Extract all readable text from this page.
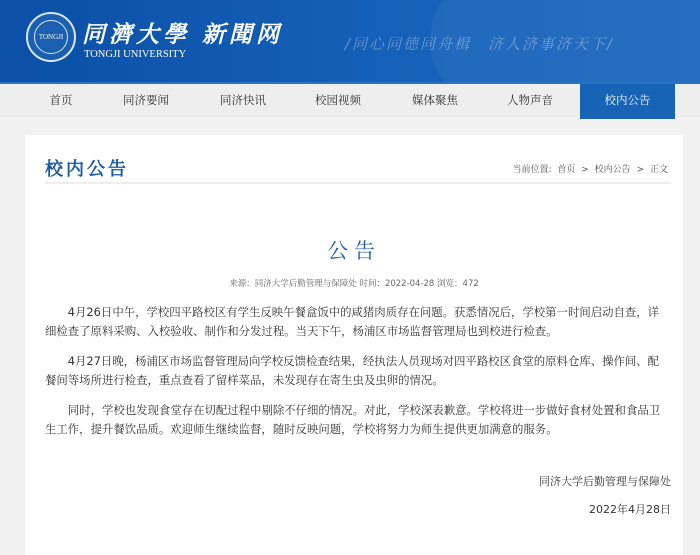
TONGJI 同濟大學 新聞网
TONGJI UNIVERSITY
/同心同德同舟楫　济人济事济天下/
首页	同济要闻	同济快讯	校园视频	媒体聚焦	人物声音	校内公告
校内公告	当前位置: 首页 > 校内公告 > 正文
公告
来源：同济大学后勤管理与保障处 时间：2022-04-28 浏览：472

4月26日中午，学校四平路校区有学生反映午餐盒饭中的咸猪肉质存在问题。获悉情况后，学校第一时间启动自查，详细检查了原料采购、入校验收、制作和分发过程。当天下午，杨浦区市场监督管理局也到校进行检查。

4月27日晚，杨浦区市场监督管理局向学校反馈检查结果，经执法人员现场对四平路校区食堂的原料仓库、操作间、配餐间等场所进行检查，重点查看了留样菜品，未发现存在寄生虫及虫卵的情况。

同时，学校也发现食堂存在切配过程中剔除不仔细的情况。对此，学校深表歉意。学校将进一步做好食材处置和食品卫生工作，提升餐饮品质。欢迎师生继续监督，随时反映问题，学校将努力为师生提供更加满意的服务。

同济大学后勤管理与保障处
2022年4月28日
